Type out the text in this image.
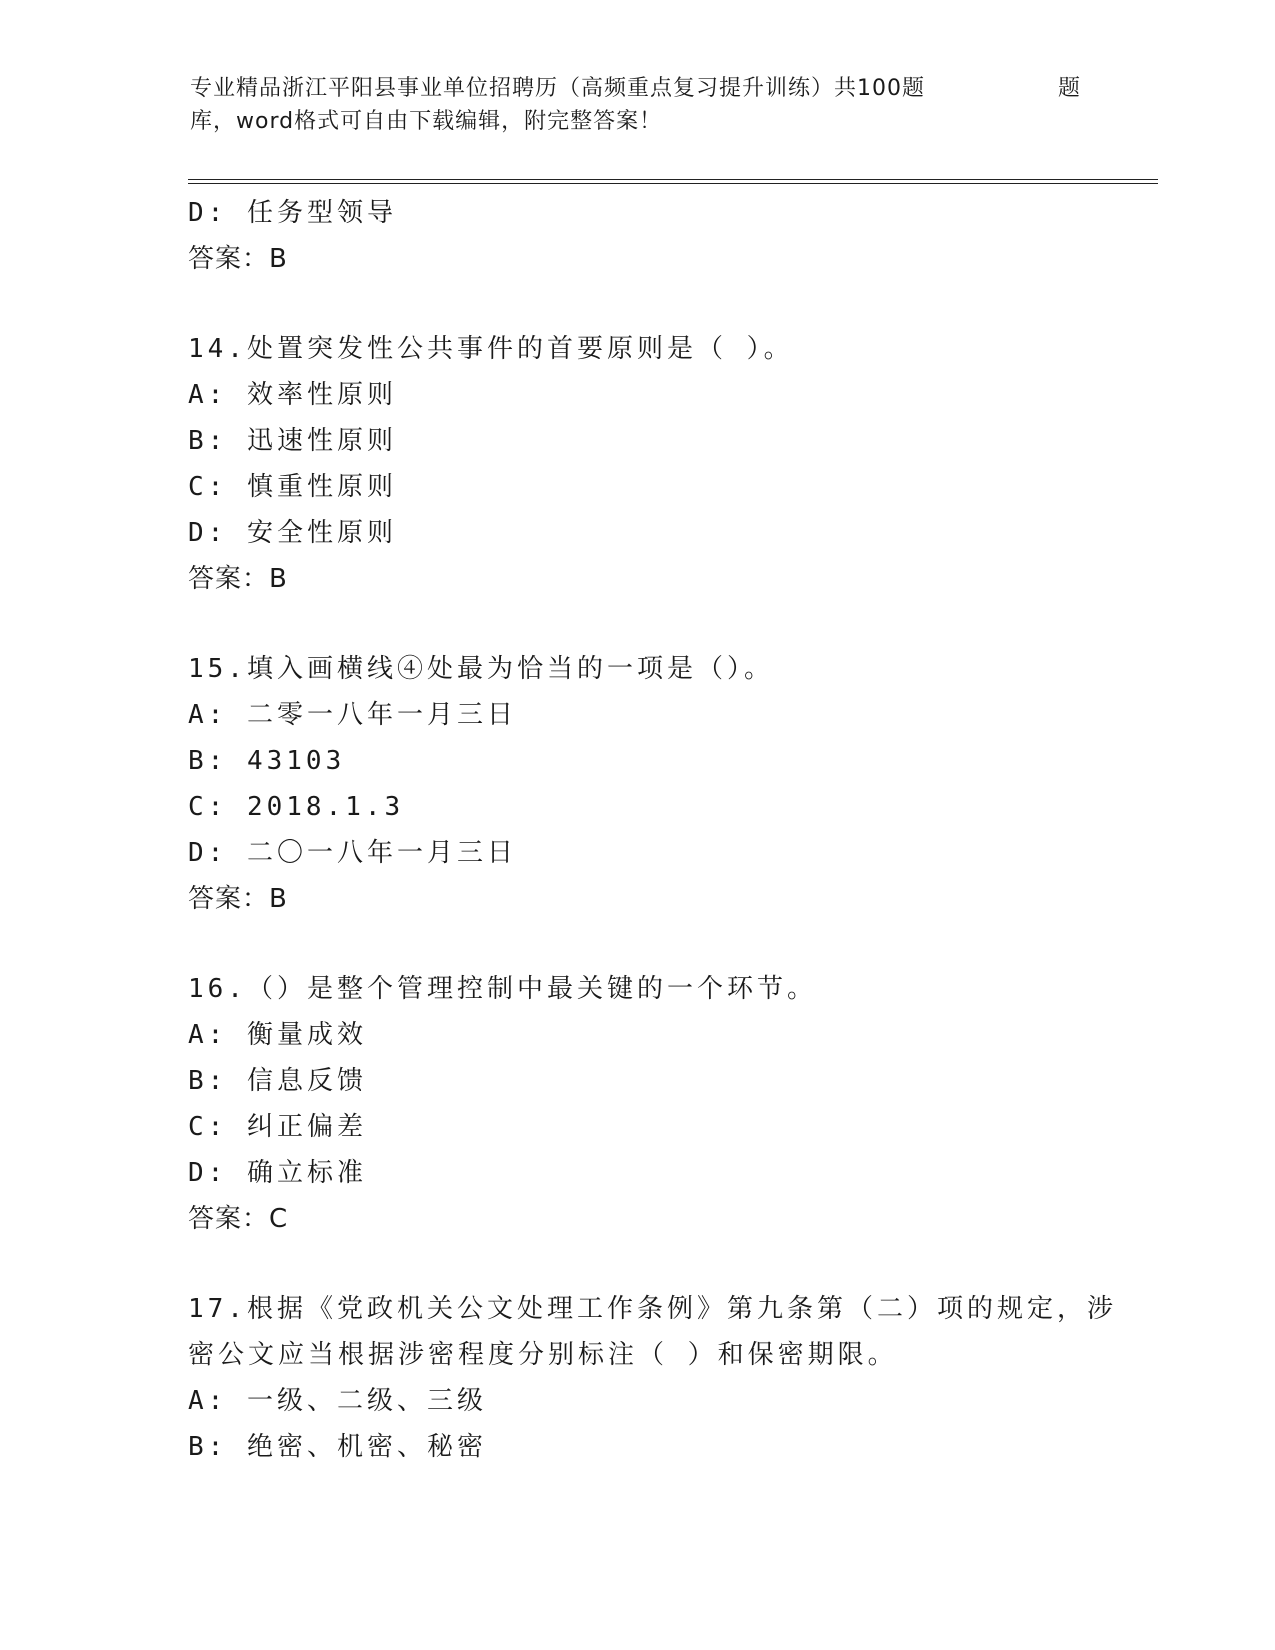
专业精品浙江平阳县事业单位招聘历（高频重点复习提升训练）共100题	题
库，word格式可自由下载编辑，附完整答案！
D: 任务型领导
答案：B
14.处置突发性公共事件的首要原则是（ ）。
A: 效率性原则
B: 迅速性原则
C: 慎重性原则
D: 安全性原则
答案：B
15.填入画横线④处最为恰当的一项是（）。
A: 二零一八年一月三日
B: 43103
C: 2018.1.3
D: 二〇一八年一月三日
答案：B
16.（）是整个管理控制中最关键的一个环节。
A: 衡量成效
B: 信息反馈
C: 纠正偏差
D: 确立标准
答案：C
17.根据《党政机关公文处理工作条例》第九条第（二）项的规定，涉
密公文应当根据涉密程度分别标注（ ）和保密期限。
A: 一级、二级、三级
B: 绝密、机密、秘密
